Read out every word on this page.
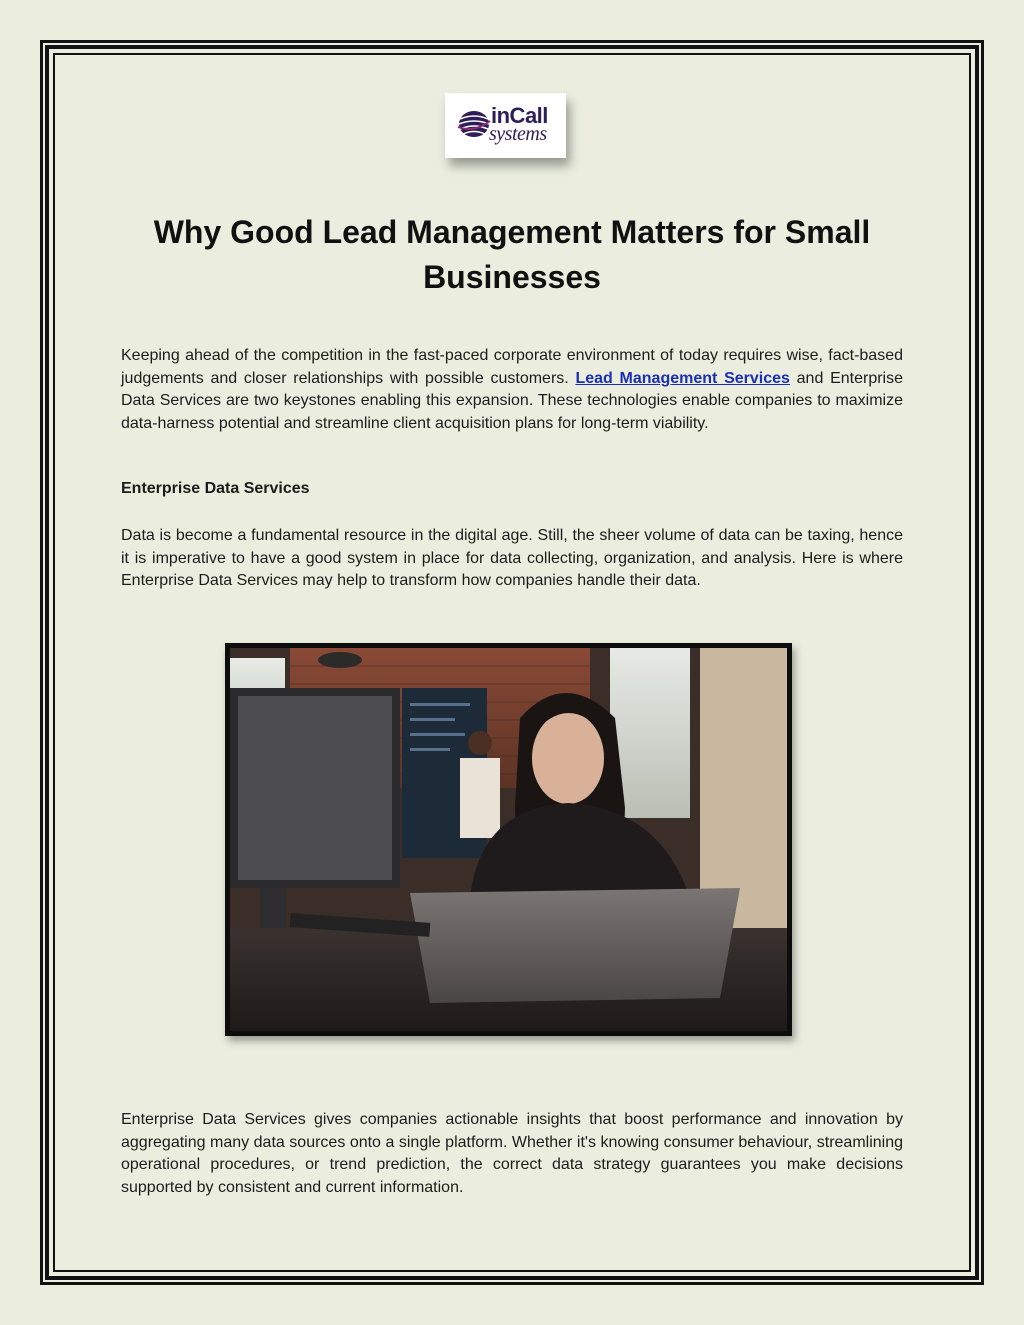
inCall
systems
Why Good Lead Management Matters for Small Businesses

Keeping ahead of the competition in the fast-paced corporate environment of today requires wise, fact-based judgements and closer relationships with possible customers. Lead Management Services and Enterprise Data Services are two keystones enabling this expansion. These technologies enable companies to maximize data-harness potential and streamline client acquisition plans for long-term viability.

Enterprise Data Services

Data is become a fundamental resource in the digital age. Still, the sheer volume of data can be taxing, hence it is imperative to have a good system in place for data collecting, organization, and analysis. Here is where Enterprise Data Services may help to transform how companies handle their data.

Enterprise Data Services gives companies actionable insights that boost performance and innovation by aggregating many data sources onto a single platform. Whether it's knowing consumer behaviour, streamlining operational procedures, or trend prediction, the correct data strategy guarantees you make decisions supported by consistent and current information.
